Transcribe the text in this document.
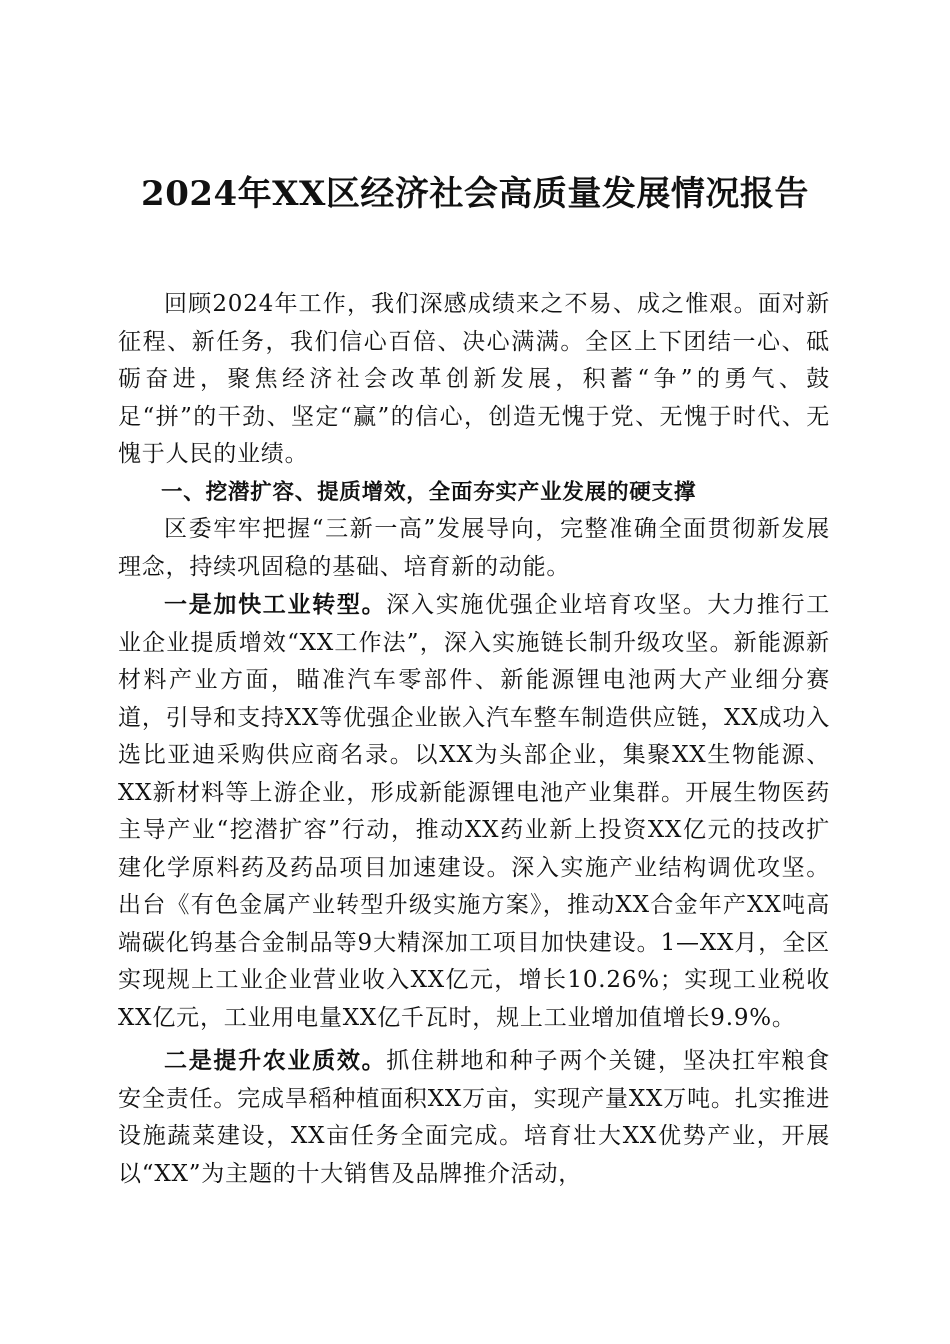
2024年XX区经济社会高质量发展情况报告

回顾2024年工作，我们深感成绩来之不易、成之惟艰。面对新征程、新任务，我们信心百倍、决心满满。全区上下团结一心、砥砺奋进，聚焦经济社会改革创新发展，积蓄“争”的勇气、鼓足“拼”的干劲、坚定“赢”的信心，创造无愧于党、无愧于时代、无愧于人民的业绩。

一、挖潜扩容、提质增效，全面夯实产业发展的硬支撑

区委牢牢把握“三新一高”发展导向，完整准确全面贯彻新发展理念，持续巩固稳的基础、培育新的动能。

一是加快工业转型。深入实施优强企业培育攻坚。大力推行工业企业提质增效“XX工作法”，深入实施链长制升级攻坚。新能源新材料产业方面，瞄准汽车零部件、新能源锂电池两大产业细分赛道，引导和支持XX等优强企业嵌入汽车整车制造供应链，XX成功入选比亚迪采购供应商名录。以XX为头部企业，集聚XX生物能源、XX新材料等上游企业，形成新能源锂电池产业集群。开展生物医药主导产业“挖潜扩容”行动，推动XX药业新上投资XX亿元的技改扩建化学原料药及药品项目加速建设。深入实施产业结构调优攻坚。出台《有色金属产业转型升级实施方案》，推动XX合金年产XX吨高端碳化钨基合金制品等9大精深加工项目加快建设。1—XX月，全区实现规上工业企业营业收入XX亿元，增长10.26%；实现工业税收XX亿元，工业用电量XX亿千瓦时，规上工业增加值增长9.9%。

二是提升农业质效。抓住耕地和种子两个关键，坚决扛牢粮食安全责任。完成旱稻种植面积XX万亩，实现产量XX万吨。扎实推进设施蔬菜建设，XX亩任务全面完成。培育壮大XX优势产业，开展以“XX”为主题的十大销售及品牌推介活动，
